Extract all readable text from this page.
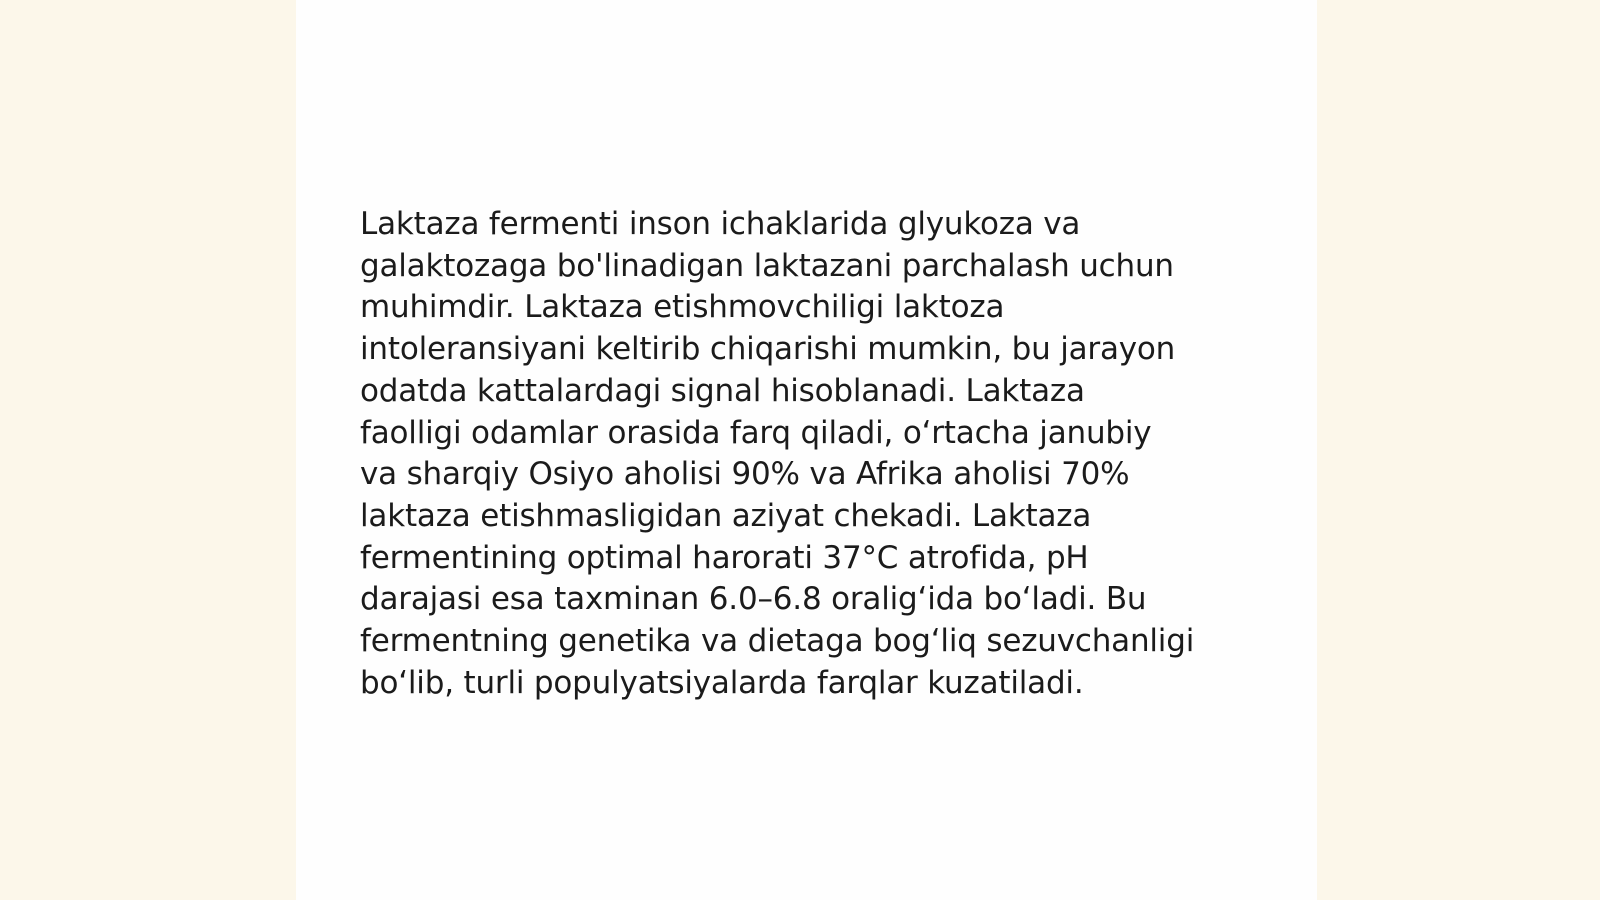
Laktaza fermenti inson ichaklarida glyukoza va
galaktozaga bo'linadigan laktazani parchalash uchun
muhimdir. Laktaza etishmovchiligi laktoza
intoleransiyani keltirib chiqarishi mumkin, bu jarayon
odatda kattalardagi signal hisoblanadi. Laktaza
faolligi odamlar orasida farq qiladi, o‘rtacha janubiy
va sharqiy Osiyo aholisi 90% va Afrika aholisi 70%
laktaza etishmasligidan aziyat chekadi. Laktaza
fermentining optimal harorati 37°C atrofida, pH
darajasi esa taxminan 6.0–6.8 oralig‘ida bo‘ladi. Bu
fermentning genetika va dietaga bog‘liq sezuvchanligi
bo‘lib, turli populyatsiyalarda farqlar kuzatiladi.
